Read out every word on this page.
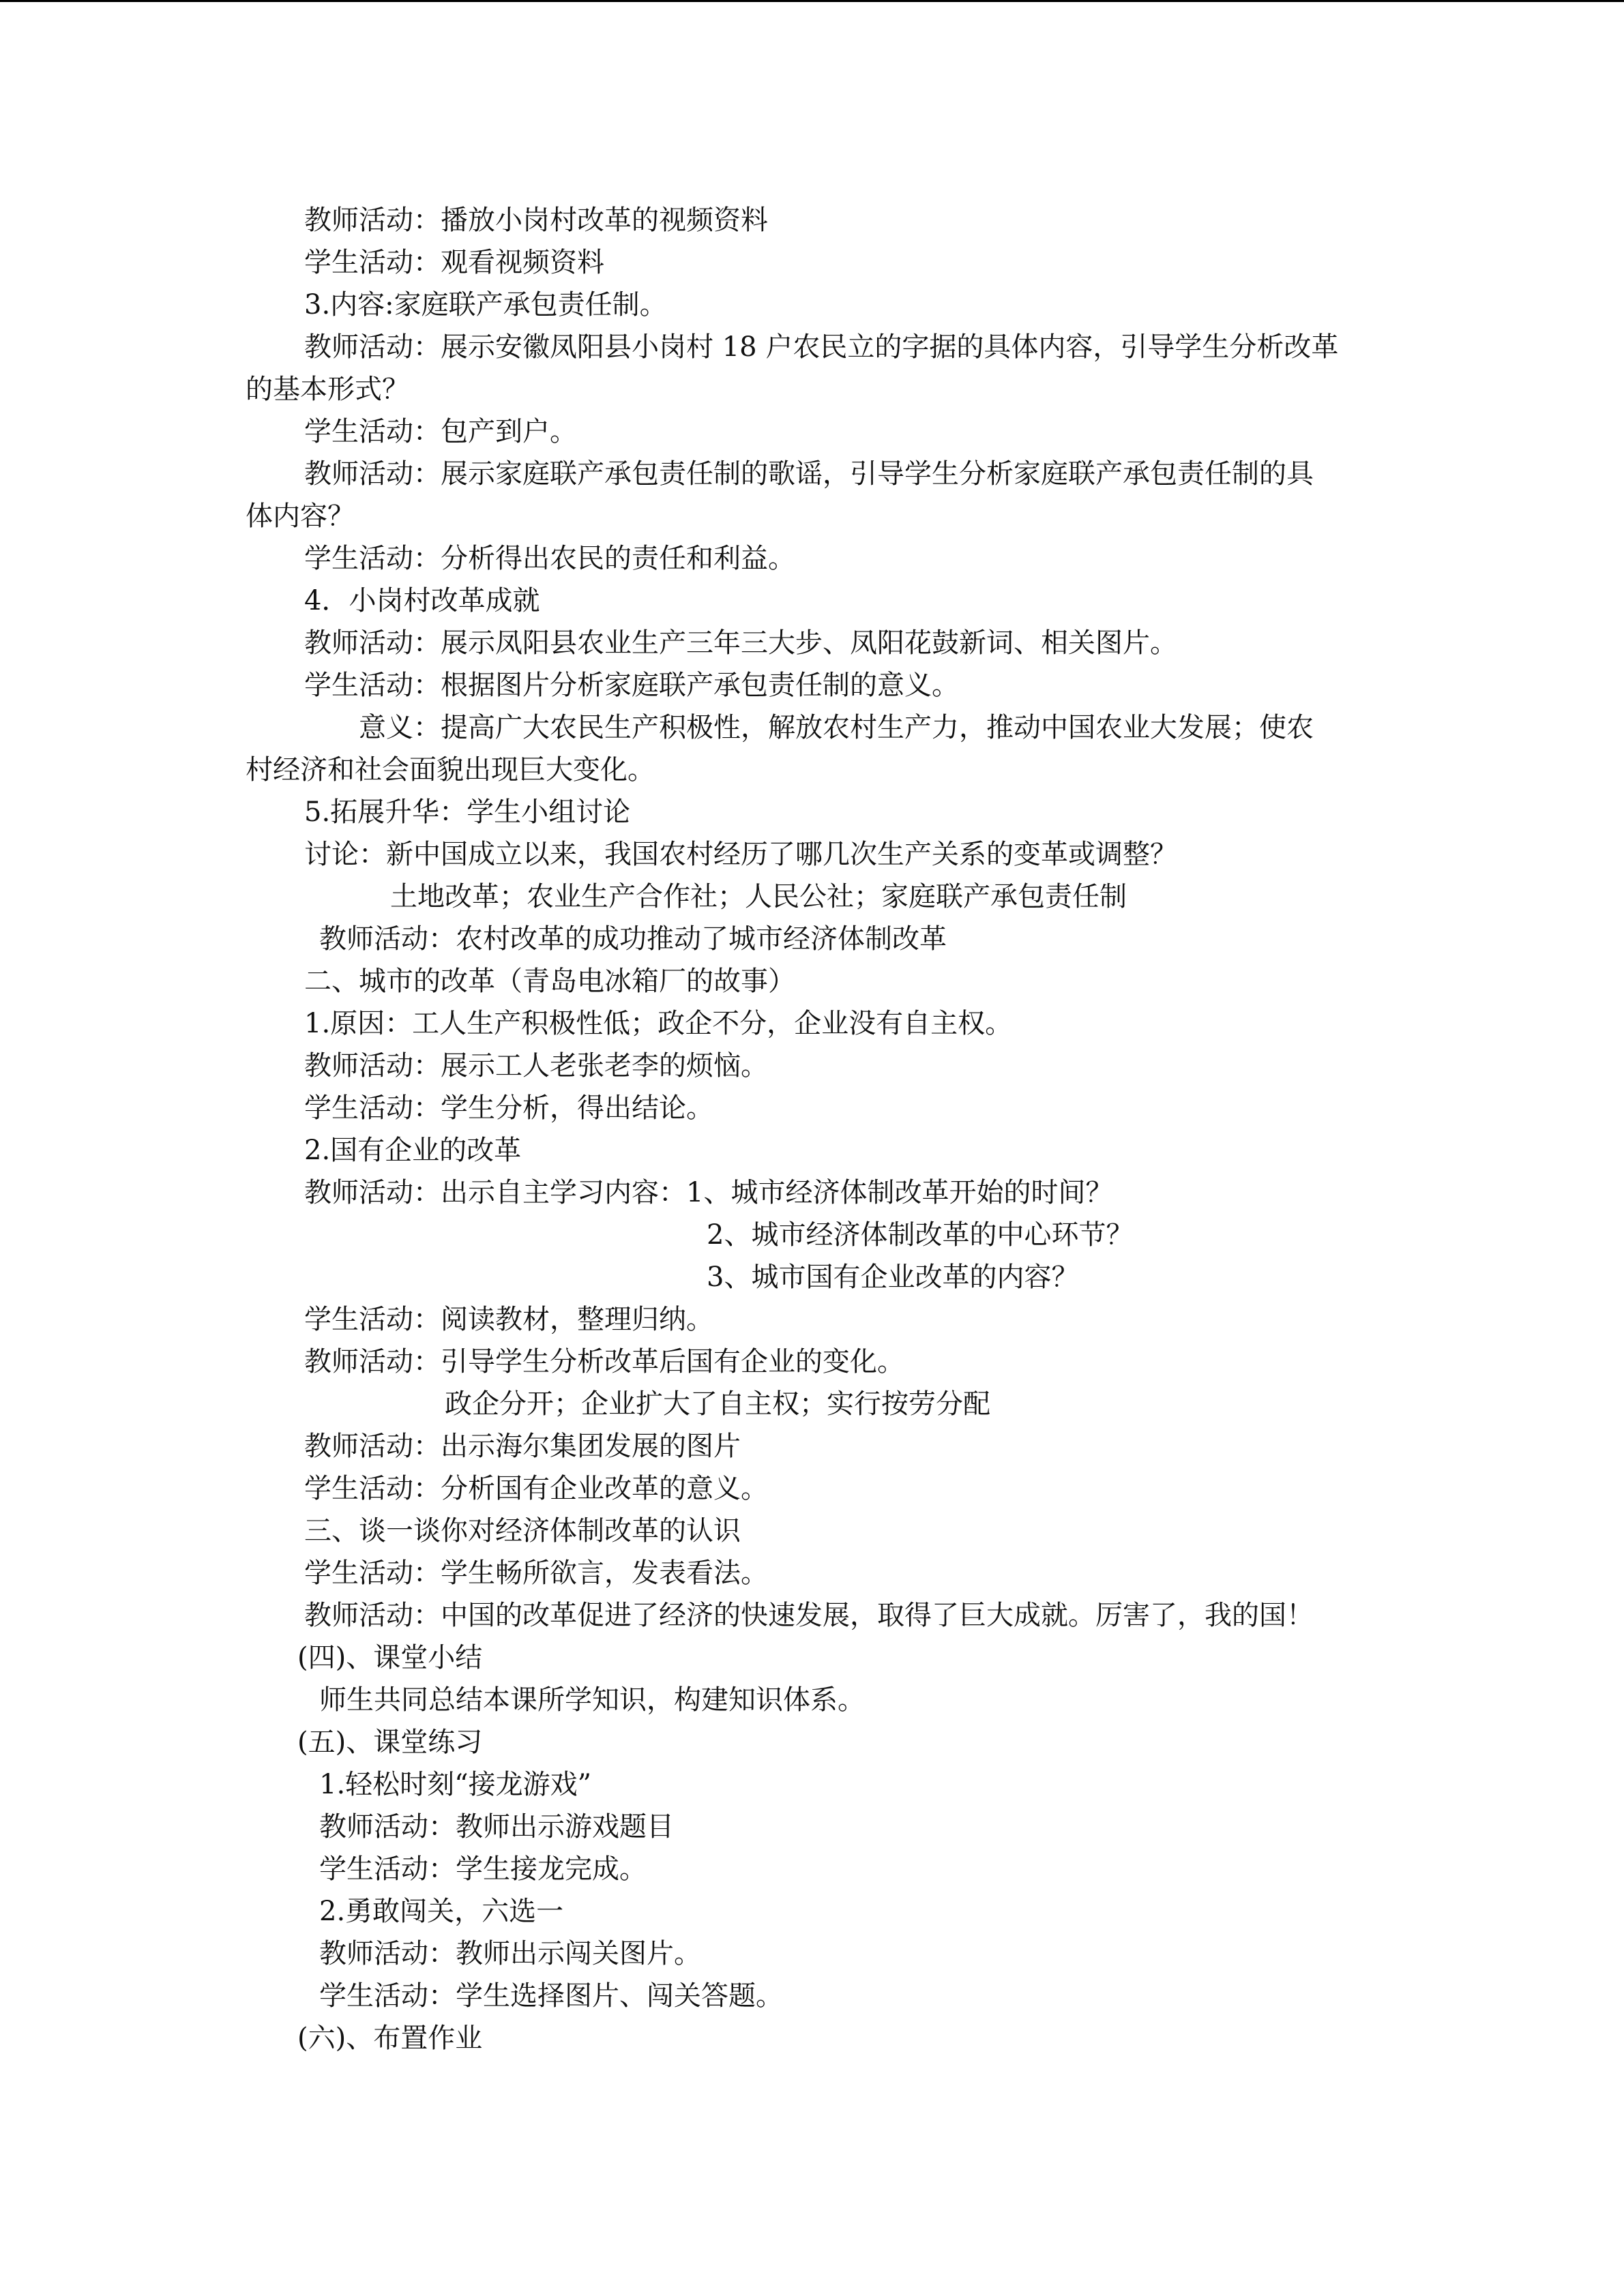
教师活动：播放小岗村改革的视频资料
学生活动：观看视频资料
3.内容:家庭联产承包责任制。
教师活动：展示安徽凤阳县小岗村 18 户农民立的字据的具体内容，引导学生分析改革
的基本形式？
学生活动：包产到户。
教师活动：展示家庭联产承包责任制的歌谣，引导学生分析家庭联产承包责任制的具
体内容？
学生活动：分析得出农民的责任和利益。
4．小岗村改革成就
教师活动：展示凤阳县农业生产三年三大步、凤阳花鼓新词、相关图片。
学生活动：根据图片分析家庭联产承包责任制的意义。
意义：提高广大农民生产积极性，解放农村生产力，推动中国农业大发展；使农
村经济和社会面貌出现巨大变化。
5.拓展升华：学生小组讨论
讨论：新中国成立以来，我国农村经历了哪几次生产关系的变革或调整？
土地改革；农业生产合作社；人民公社；家庭联产承包责任制
教师活动：农村改革的成功推动了城市经济体制改革
二、城市的改革（青岛电冰箱厂的故事）
1.原因：工人生产积极性低；政企不分，企业没有自主权。
教师活动：展示工人老张老李的烦恼。
学生活动：学生分析，得出结论。
2.国有企业的改革
教师活动：出示自主学习内容：1、城市经济体制改革开始的时间？
2、城市经济体制改革的中心环节？
3、城市国有企业改革的内容？
学生活动：阅读教材，整理归纳。
教师活动：引导学生分析改革后国有企业的变化。
政企分开；企业扩大了自主权；实行按劳分配
教师活动：出示海尔集团发展的图片
学生活动：分析国有企业改革的意义。
三、谈一谈你对经济体制改革的认识
学生活动：学生畅所欲言，发表看法。
教师活动：中国的改革促进了经济的快速发展，取得了巨大成就。厉害了，我的国！
(四)、课堂小结
师生共同总结本课所学知识，构建知识体系。
(五)、课堂练习
1.轻松时刻“接龙游戏”
教师活动：教师出示游戏题目
学生活动：学生接龙完成。
2.勇敢闯关，六选一
教师活动：教师出示闯关图片。
学生活动：学生选择图片、闯关答题。
(六)、布置作业
